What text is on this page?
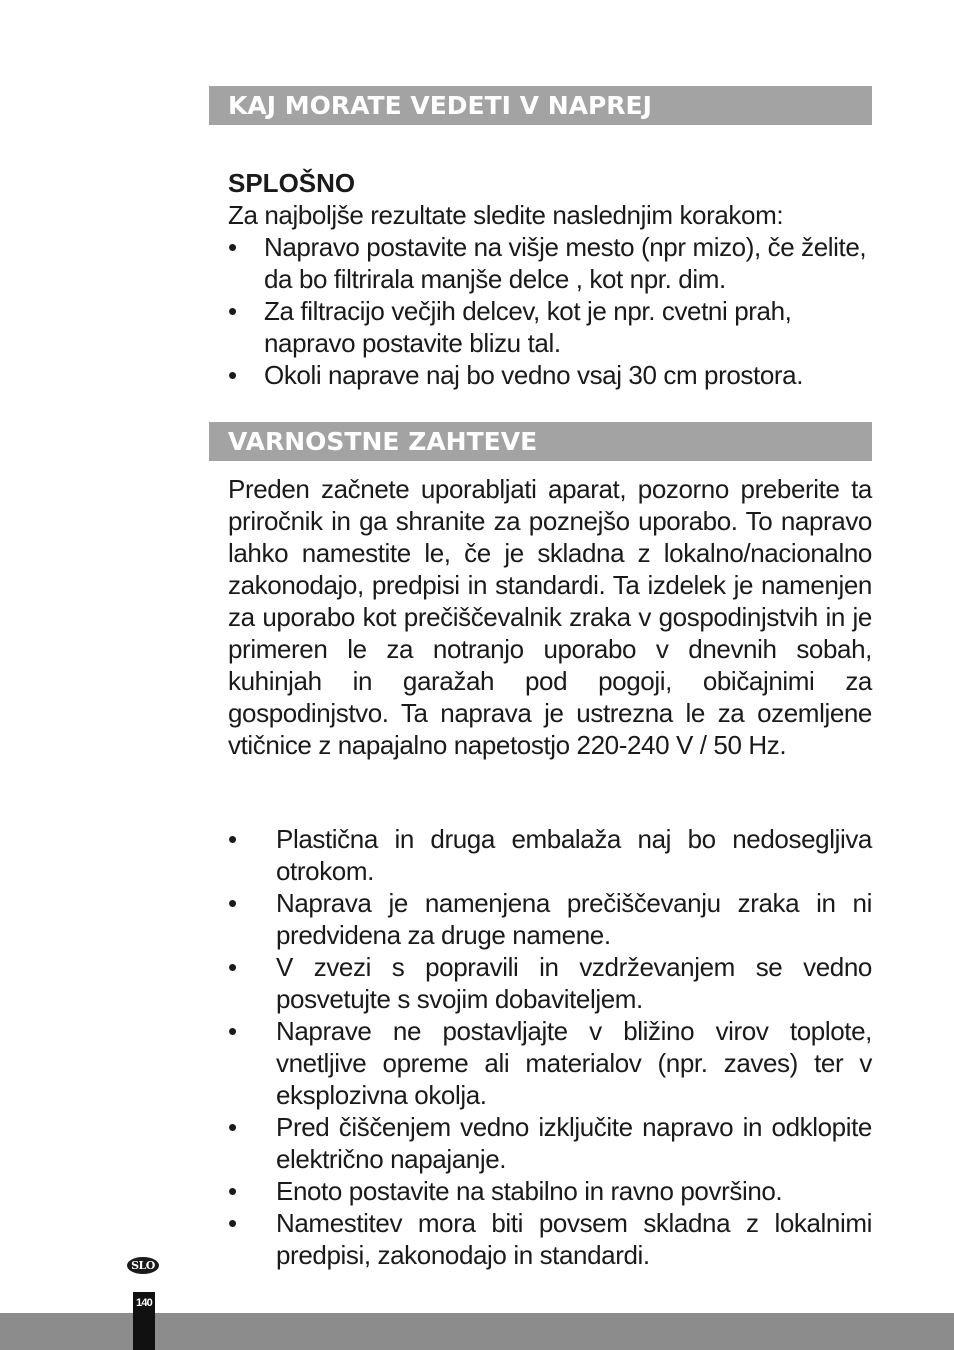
KAJ MORATE VEDETI V NAPREJ
SPLOŠNO
Za najboljše rezultate sledite naslednjim korakom:
• Napravo postavite na višje mesto (npr mizo), če želite, da bo filtrirala manjše delce , kot npr. dim.
• Za filtracijo večjih delcev, kot je npr. cvetni prah, napravo postavite blizu tal.
• Okoli naprave naj bo vedno vsaj 30 cm prostora.
VARNOSTNE ZAHTEVE
Preden začnete uporabljati aparat, pozorno preberite ta priročnik in ga shranite za poznejšo uporabo. To napravo lahko namestite le, če je skladna z lokalno/nacionalno zakonodajo, predpisi in standardi. Ta izdelek je namenjen za uporabo kot prečiščevalnik zraka v gospodinjstvih in je primeren le za notranjo uporabo v dnevnih sobah, kuhinjah in garažah pod pogoji, običajnimi za gospodinjstvo. Ta naprava je ustrezna le za ozemljene vtičnice z napajalno napetostjo 220-240 V / 50 Hz.
• Plastična in druga embalaža naj bo nedosegljiva otrokom.
• Naprava je namenjena prečiščevanju zraka in ni predvidena za druge namene.
• V zvezi s popravili in vzdrževanjem se vedno posvetujte s svojim dobaviteljem.
• Naprave ne postavljajte v bližino virov toplote, vnetljive opreme ali materialov (npr. zaves) ter v eksplozivna okolja.
• Pred čiščenjem vedno izključite napravo in odklopite električno napajanje.
• Enoto postavite na stabilno in ravno površino.
• Namestitev mora biti povsem skladna z lokalnimi predpisi, zakonodajo in standardi.
SLO
140
